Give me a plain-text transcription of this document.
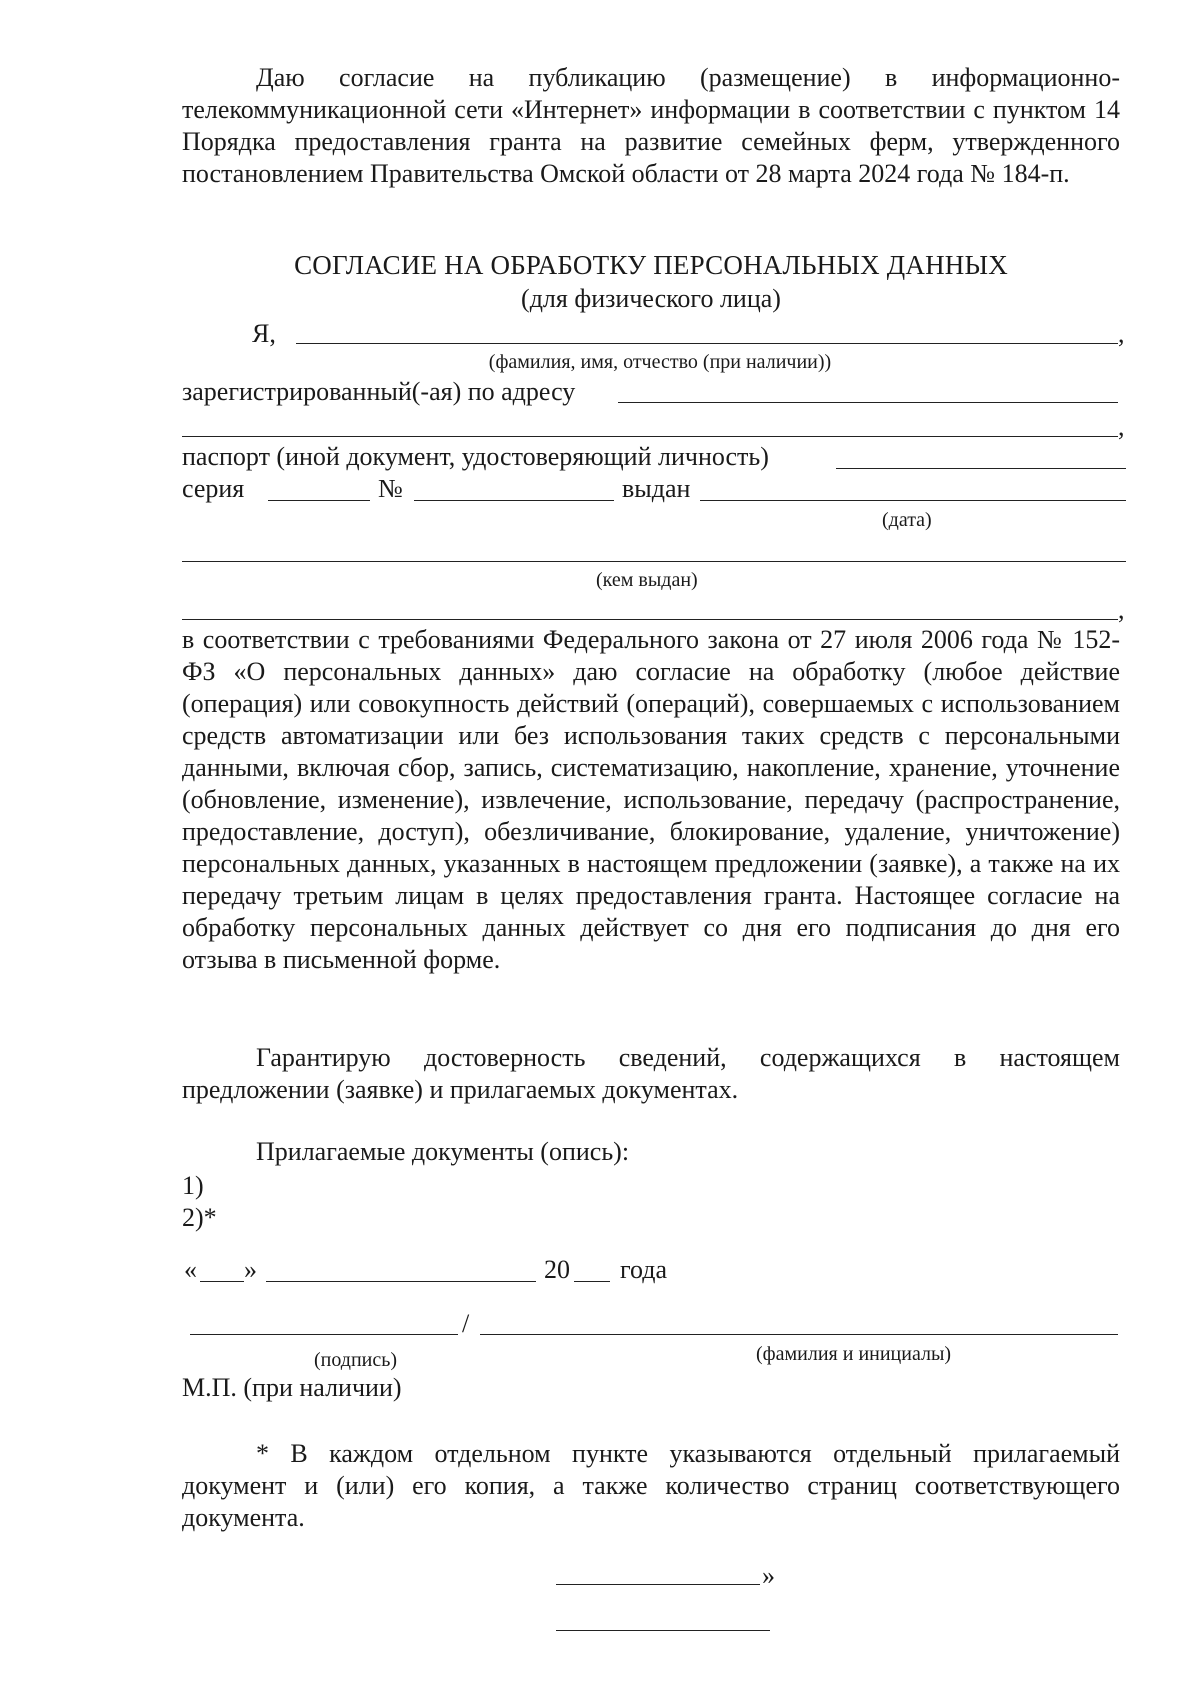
Даю согласие на публикацию (размещение) в информационно-телекоммуникационной сети «Интернет» информации в соответствии с пунктом 14 Порядка предоставления гранта на развитие семейных ферм, утвержденного постановлением Правительства Омской области от 28 марта 2024 года № 184-п.
СОГЛАСИЕ НА ОБРАБОТКУ ПЕРСОНАЛЬНЫХ ДАННЫХ
(для физического лица)
Я,	,
(фамилия, имя, отчество (при наличии))
зарегистрированный(-ая) по адресу
,
паспорт (иной документ, удостоверяющий личность)
серия	№	выдан
(дата)
(кем выдан)
,
в соответствии с требованиями Федерального закона от 27 июля 2006 года № 152-ФЗ «О персональных данных» даю согласие на обработку (любое действие (операция) или совокупность действий (операций), совершаемых с использованием средств автоматизации или без использования таких средств с персональными данными, включая сбор, запись, систематизацию, накопление, хранение, уточнение (обновление, изменение), извлечение, использование, передачу (распространение, предоставление, доступ), обезличивание, блокирование, удаление, уничтожение) персональных данных, указанных в настоящем предложении (заявке), а также на их передачу третьим лицам в целях предоставления гранта. Настоящее согласие на обработку персональных данных действует со дня его подписания до дня его отзыва в письменной форме.
Гарантирую достоверность сведений, содержащихся в настоящем предложении (заявке) и прилагаемых документах.
Прилагаемые документы (опись):
1)
2)*
« »	20 года
/
(подпись)	(фамилия и инициалы)
М.П. (при наличии)
* В каждом отдельном пункте указываются отдельный прилагаемый документ и (или) его копия, а также количество страниц соответствующего документа.
»
